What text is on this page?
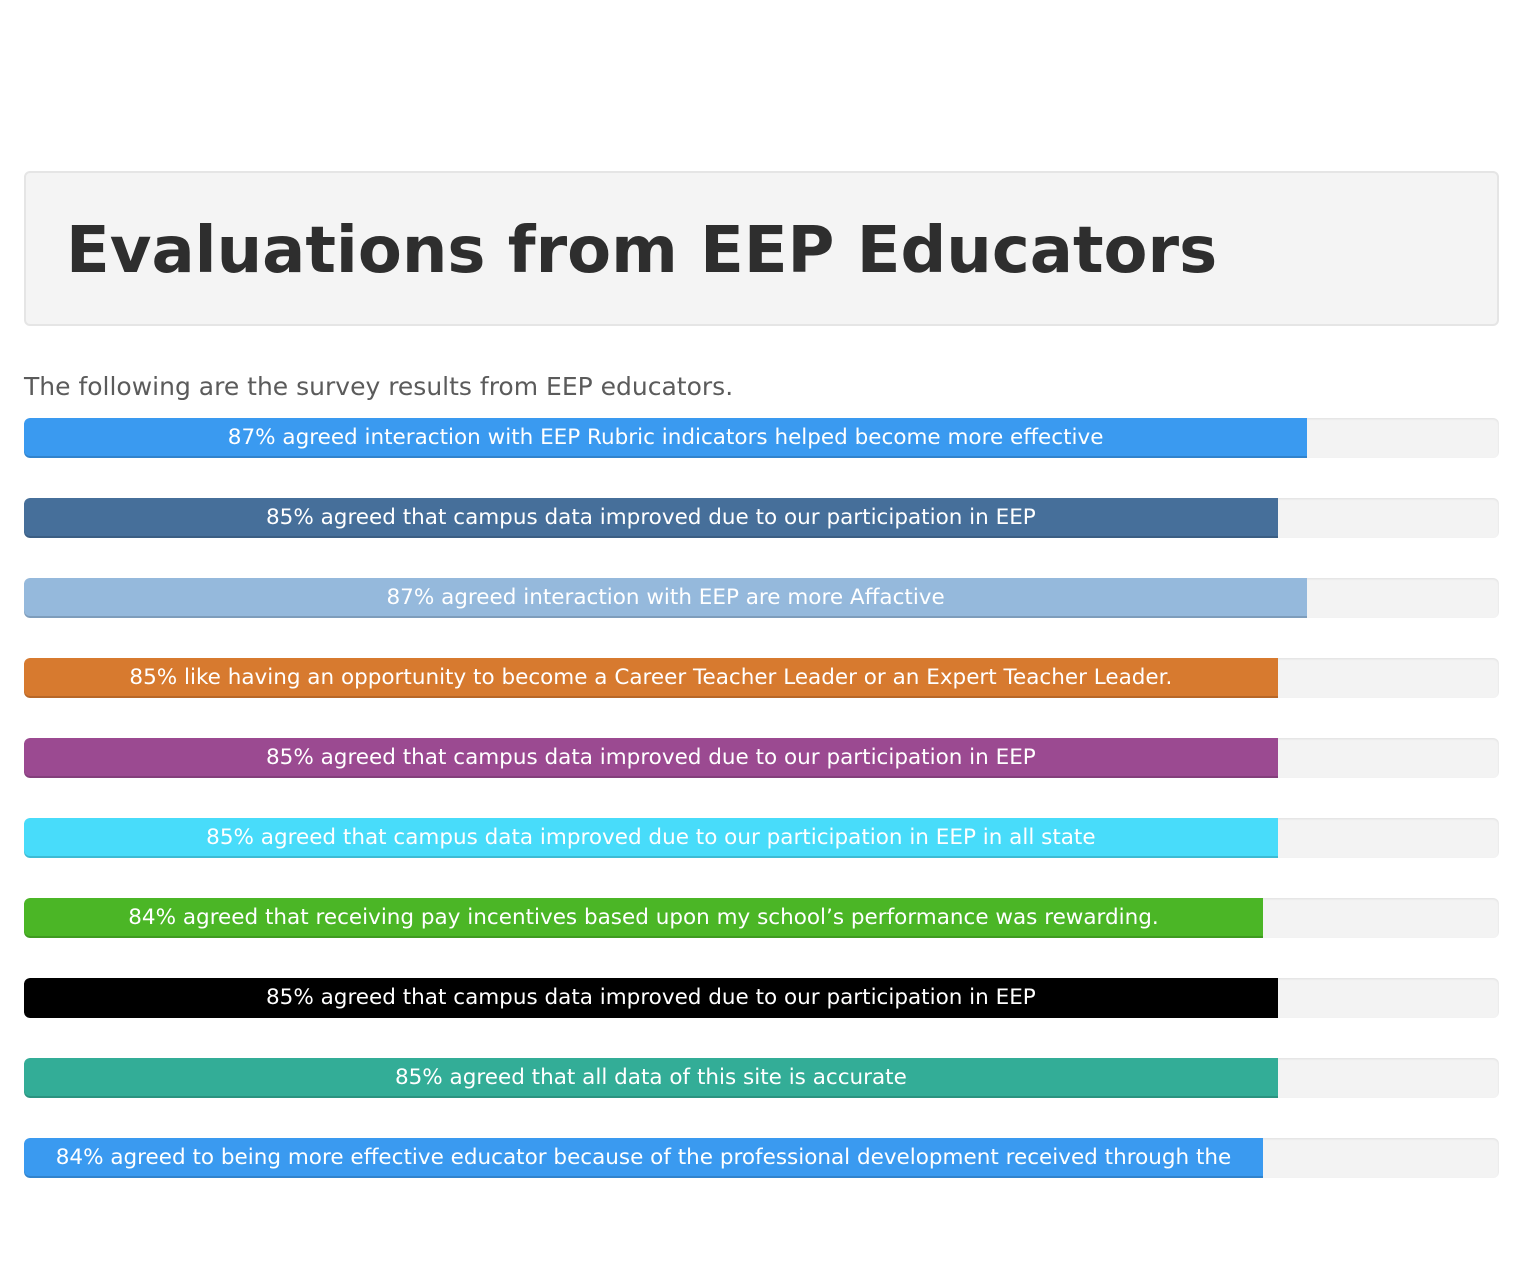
Evaluations from EEP Educators

The following are the survey results from EEP educators.

87% agreed interaction with EEP Rubric indicators helped become more effective
85% agreed that campus data improved due to our participation in EEP
87% agreed interaction with EEP are more Affactive
85% like having an opportunity to become a Career Teacher Leader or an Expert Teacher Leader.
85% agreed that campus data improved due to our participation in EEP
85% agreed that campus data improved due to our participation in EEP in all state
84% agreed that receiving pay incentives based upon my school’s performance was rewarding.
85% agreed that campus data improved due to our participation in EEP
85% agreed that all data of this site is accurate
84% agreed to being more effective educator because of the professional development received through the
